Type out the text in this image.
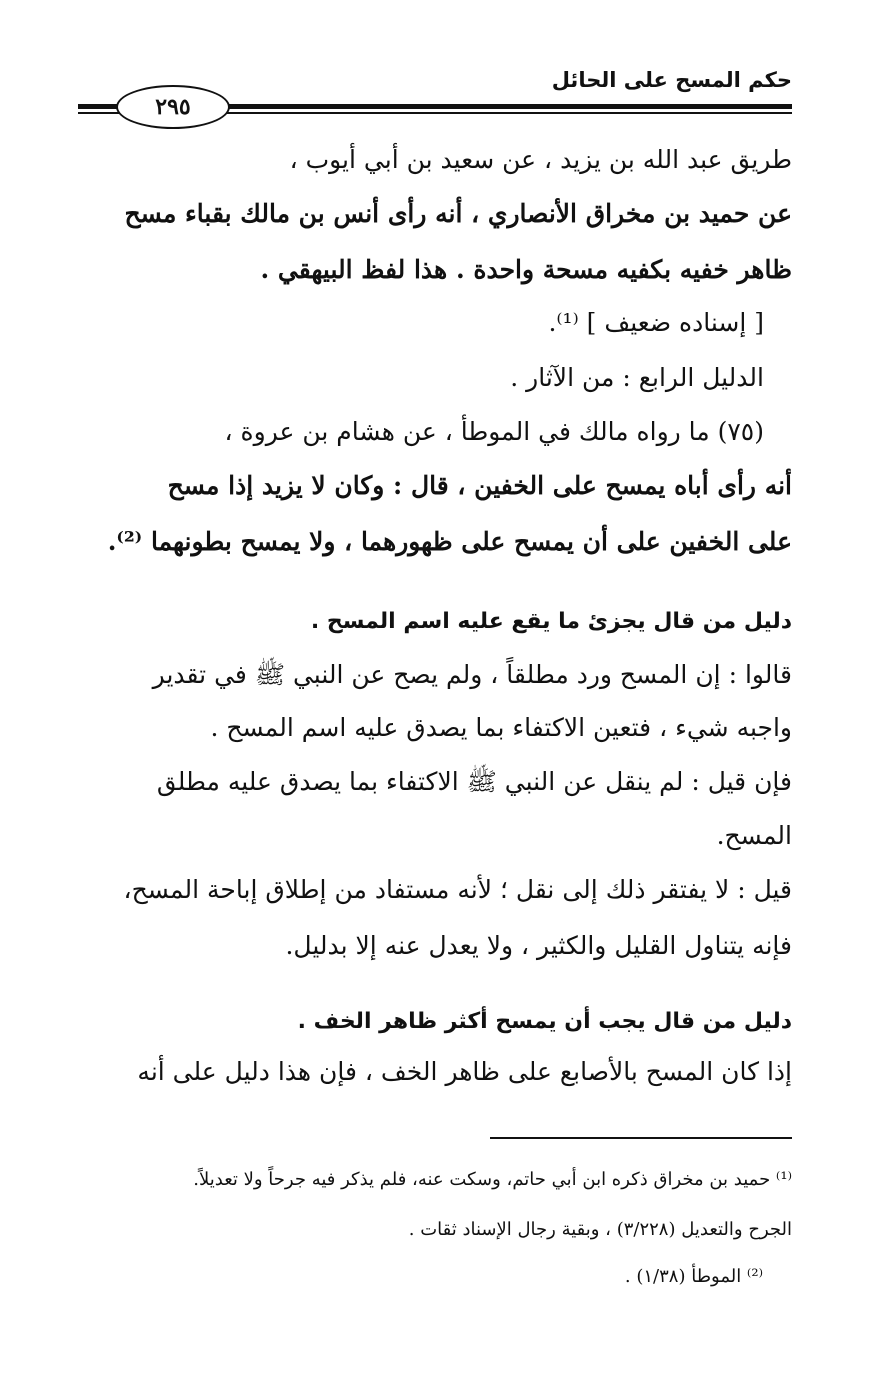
حكم المسح على الحائل
٢٩٥
طريق عبد الله بن يزيد ، عن سعيد بن أبي أيوب ،
عن حميد بن مخراق الأنصاري ، أنه رأى أنس بن مالك بقباء مسح
ظاهر خفيه بكفيه مسحة واحدة . هذا لفظ البيهقي .
[ إسناده ضعيف ] ⁽¹⁾.
الدليل الرابع : من الآثار .
(٧٥) ما رواه مالك في الموطأ ، عن هشام بن عروة ،
أنه رأى أباه يمسح على الخفين ، قال : وكان لا يزيد إذا مسح
على الخفين على أن يمسح على ظهورهما ، ولا يمسح بطونهما ⁽²⁾.
دليل من قال يجزئ ما يقع عليه اسم المسح .
قالوا : إن المسح ورد مطلقاً ، ولم يصح عن النبي ﷺ في تقدير
واجبه شيء ، فتعين الاكتفاء بما يصدق عليه اسم المسح .
فإن قيل : لم ينقل عن النبي ﷺ الاكتفاء بما يصدق عليه مطلق
المسح.
قيل : لا يفتقر ذلك إلى نقل ؛ لأنه مستفاد من إطلاق إباحة المسح،
فإنه يتناول القليل والكثير ، ولا يعدل عنه إلا بدليل.
دليل من قال يجب أن يمسح أكثر ظاهر الخف .
إذا كان المسح بالأصابع على ظاهر الخف ، فإن هذا دليل على أنه
⁽¹⁾ حميد بن مخراق ذكره ابن أبي حاتم، وسكت عنه، فلم يذكر فيه جرحاً ولا تعديلاً.
الجرح والتعديل (٣/٢٢٨) ، وبقية رجال الإسناد ثقات .
⁽²⁾ الموطأ (١/٣٨) .
